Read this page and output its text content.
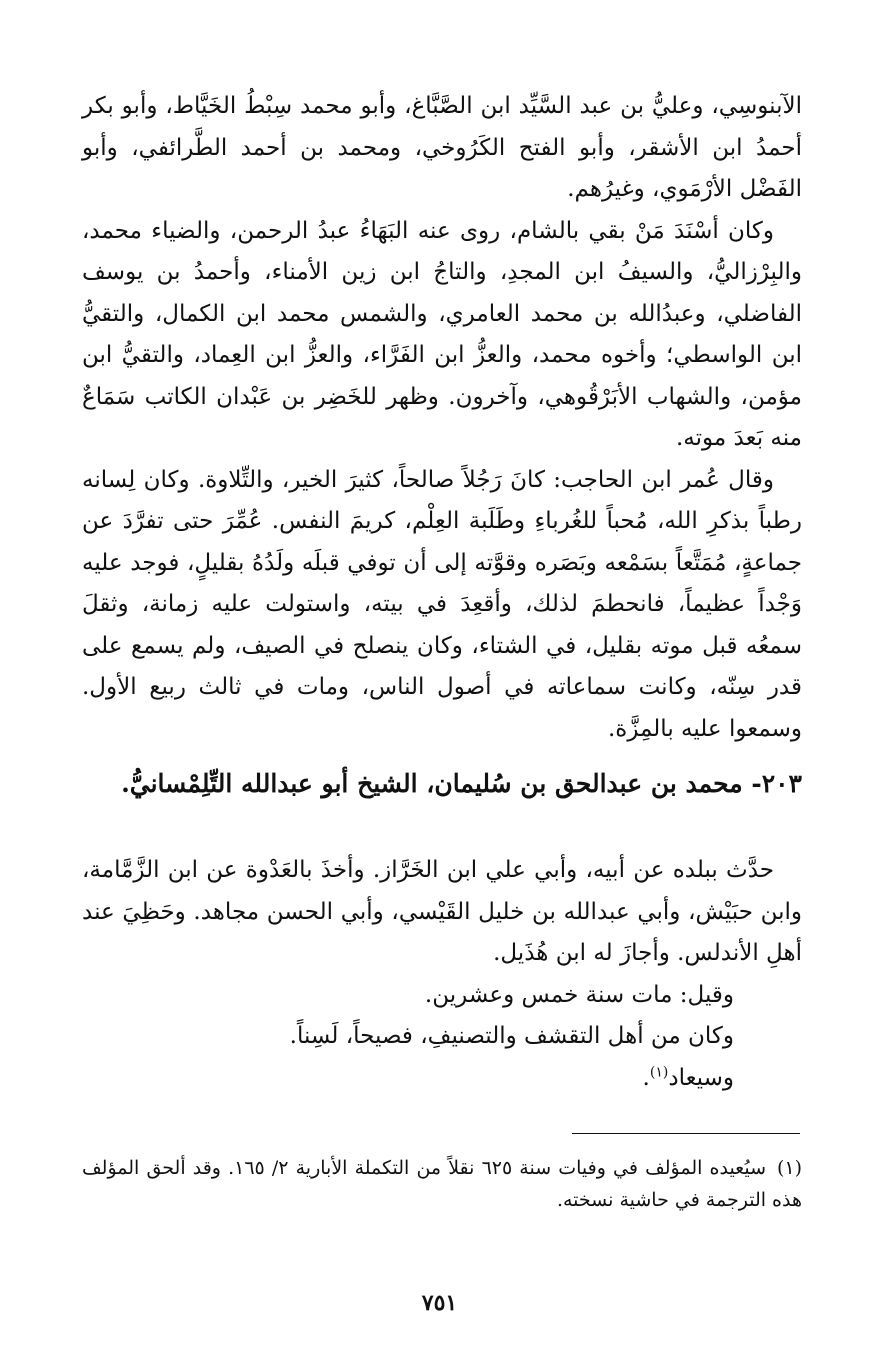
الآبنوسِي، وعليُّ بن عبد السَّيِّد ابن الصَّبَّاغ، وأبو محمد سِبْطُ الخَيَّاط، وأبو بكر أحمدُ ابن الأشقر، وأبو الفتح الكَرُوخي، ومحمد بن أحمد الطَّرائفي، وأبو الفَضْل الأرْمَوي، وغيرُهم.

وكان أسْنَدَ مَنْ بقي بالشام، روى عنه البَهَاءُ عبدُ الرحمن، والضياء محمد، والبِرْزاليُّ، والسيفُ ابن المجدِ، والتاجُ ابن زين الأمناء، وأحمدُ بن يوسف الفاضلي، وعبدُالله بن محمد العامري، والشمس محمد ابن الكمال، والتقيُّ ابن الواسطي؛ وأخوه محمد، والعزُّ ابن الفَرَّاء، والعزُّ ابن العِماد، والتقيُّ ابن مؤمن، والشهاب الأبَرْقُوهي، وآخرون. وظهر للخَضِر بن عَبْدان الكاتب سَمَاعٌ منه بَعدَ موته.

وقال عُمر ابن الحاجب: كانَ رَجُلاً صالحاً، كثيرَ الخير، والتِّلاوة. وكان لِسانه رطباً بذكرِ الله، مُحباً للغُرباءِ وطَلَبة العِلْم، كريمَ النفس. عُمِّرَ حتى تفرَّدَ عن جماعةٍ، مُمَتَّعاً بسَمْعه وبَصَره وقوَّته إلى أن توفي قبلَه ولَدُهُ بقليلٍ، فوجد عليه وَجْداً عظيماً، فانحطمَ لذلك، وأقعِدَ في بيته، واستولت عليه زمانة، وثقلَ سمعُه قبل موته بقليل، في الشتاء، وكان ينصلح في الصيف، ولم يسمع على قدر سِنّه، وكانت سماعاته في أصول الناس، ومات في ثالث ربيع الأول. وسمعوا عليه بالمِزَّة.

٢٠٣- محمد بن عبدالحق بن سُليمان، الشيخ أبو عبدالله التِّلِمْسانيُّ.

حدَّث ببلده عن أبيه، وأبي علي ابن الخَرَّاز. وأخذَ بالعَدْوة عن ابن الزَّمَّامة، وابن حبَيْش، وأبي عبدالله بن خليل القَيْسي، وأبي الحسن مجاهد. وحَظِيَ عند أهلِ الأندلس. وأجازَ له ابن هُذَيل.

وقيل: مات سنة خمس وعشرين.

وكان من أهل التقشف والتصنيفِ، فصيحاً، لَسِناً.

وسيعاد$^{(١)}$.

(١)سيُعيده المؤلف في وفيات سنة ٦٢٥ نقلاً من التكملة الأبارية ٢/ ١٦٥. وقد ألحق المؤلف هذه الترجمة في حاشية نسخته.
٧٥١
